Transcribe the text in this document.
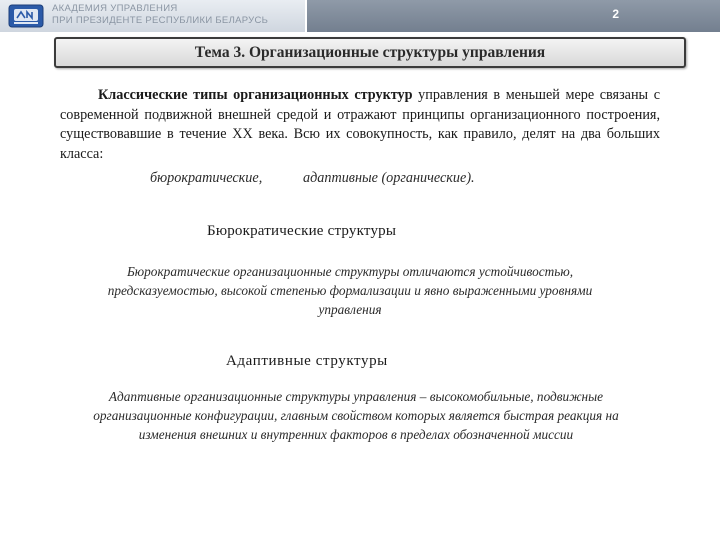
АКАДЕМИЯ УПРАВЛЕНИЯ
ПРИ ПРЕЗИДЕНТЕ РЕСПУБЛИКИ БЕЛАРУСЬ	2
Тема 3. Организационные структуры управления
Классические типы организационных структур управления в меньшей мере связаны с современной подвижной внешней средой и отражают принципы организационного построения, существовавшие в течение XX века. Всю их совокупность, как правило, делят на два больших класса:
бюрократические,	адаптивные (органические).
Бюрократические структуры
Бюрократические организационные структуры отличаются устойчивостью, предсказуемостью, высокой степенью формализации и явно выраженными уровнями управления
Адаптивные структуры
Адаптивные организационные структуры управления – высокомобильные, подвижные организационные конфигурации, главным свойством которых является быстрая реакция на изменения внешних и внутренних факторов в пределах обозначенной миссии
